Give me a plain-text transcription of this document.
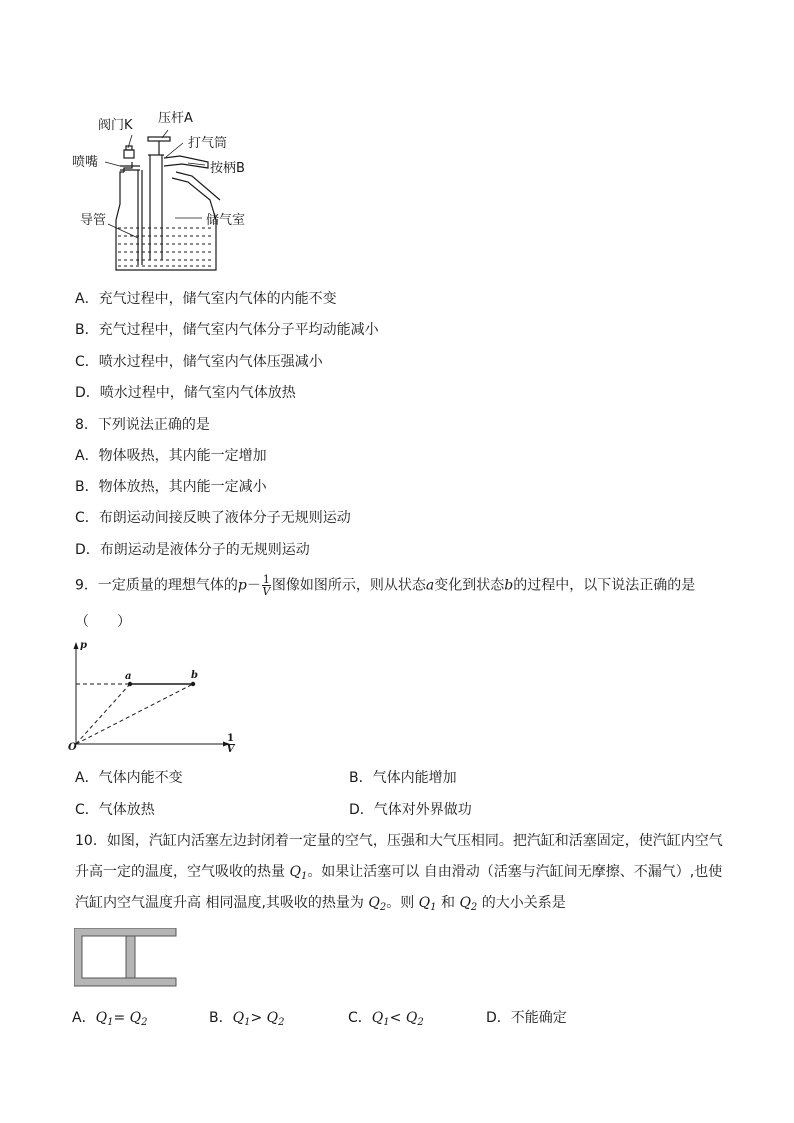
压杆A
阀门K
打气筒
喷嘴	按柄B
导管	储气室
A．充气过程中，储气室内气体的内能不变
B．充气过程中，储气室内气体分子平均动能减小
C．喷水过程中，储气室内气体压强减小
D．喷水过程中，储气室内气体放热
8．下列说法正确的是
A．物体吸热，其内能一定增加
B．物体放热，其内能一定减小
C．布朗运动间接反映了液体分子无规则运动
D．布朗运动是液体分子的无规则运动
9．一定质量的理想气体的$p- \frac{1}{V}$ 图像如图所示，则从状态a变化到状态b的过程中，以下说法正确的是
（　　）
p
a	b
O
1
V
A．气体内能不变	B．气体内能增加
C．气体放热	D．气体对外界做功
10．如图，汽缸内活塞左边封闭着一定量的空气，压强和大气压相同。把汽缸和活塞固定，使汽缸内空气
升高一定的温度，空气吸收的热量 $Q_1$。如果让活塞可以 自由滑动（活塞与汽缸间无摩擦、不漏气）,也使
汽缸内空气温度升高 相同温度,其吸收的热量为 $Q_2$。则 $Q_1$ 和 $Q_2$ 的大小关系是
A．$Q_1= Q_2$	B．$Q_1> Q_2$	C．$Q_1< Q_2$	D．不能确定
